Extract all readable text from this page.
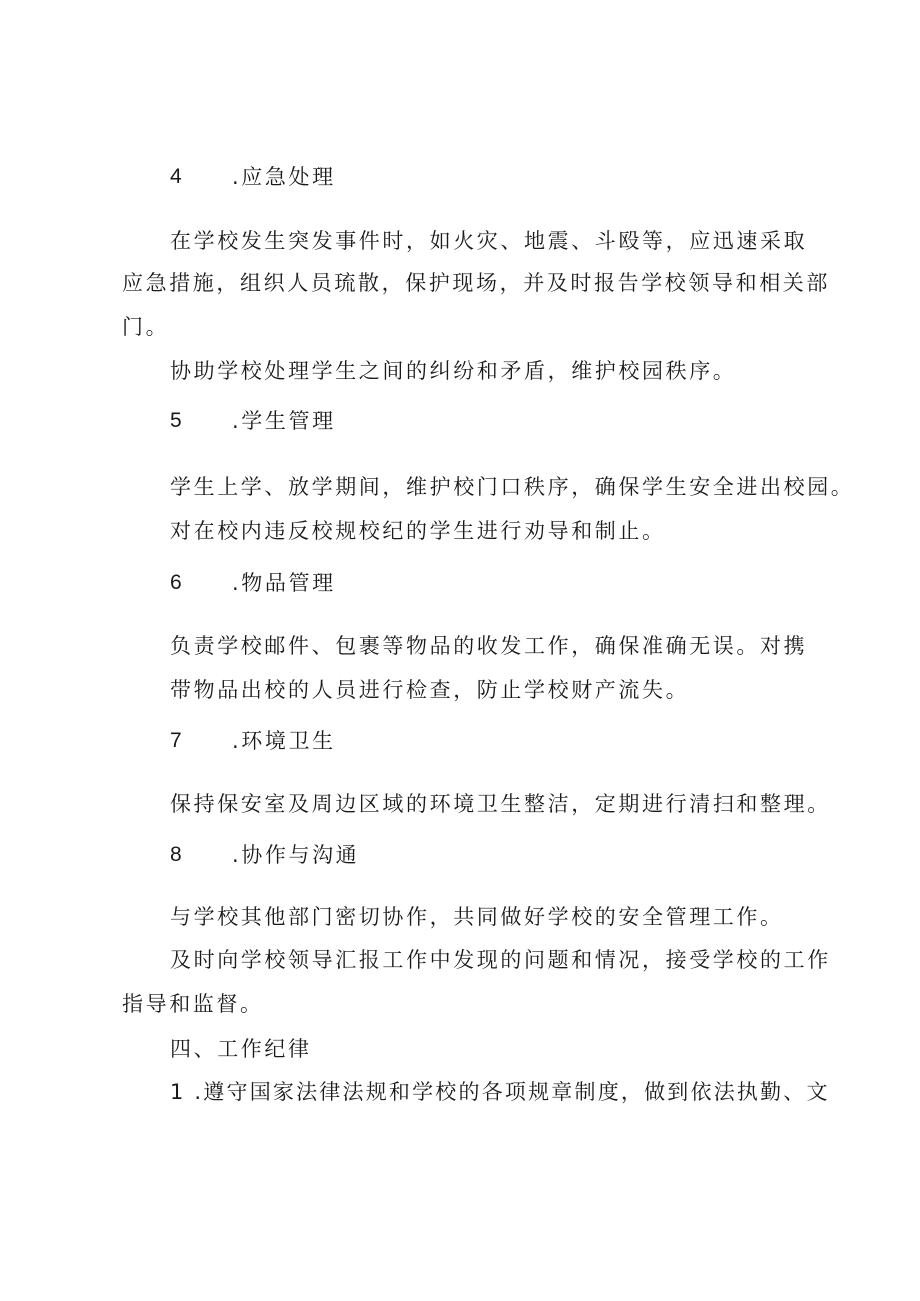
4 .应急处理
在学校发生突发事件时，如火灾、地震、斗殴等，应迅速采取
应急措施，组织人员琉散，保护现场，并及时报告学校领导和相关部
门。
协助学校处理学生之间的纠纷和矛盾，维护校园秩序。
5 .学生管理
学生上学、放学期间，维护校门口秩序，确保学生安全进出校园。
对在校内违反校规校纪的学生进行劝导和制止。
6 .物品管理
负责学校邮件、包裹等物品的收发工作，确保准确无误。对携
带物品出校的人员进行检查，防止学校财产流失。
7 .环境卫生
保持保安室及周边区域的环境卫生整洁，定期进行清扫和整理。
8 .协作与沟通
与学校其他部门密切协作，共同做好学校的安全管理工作。
及时向学校领导汇报工作中发现的问题和情况，接受学校的工作
指导和监督。
四、工作纪律
1 .遵守国家法律法规和学校的各项规章制度，做到依法执勤、文
